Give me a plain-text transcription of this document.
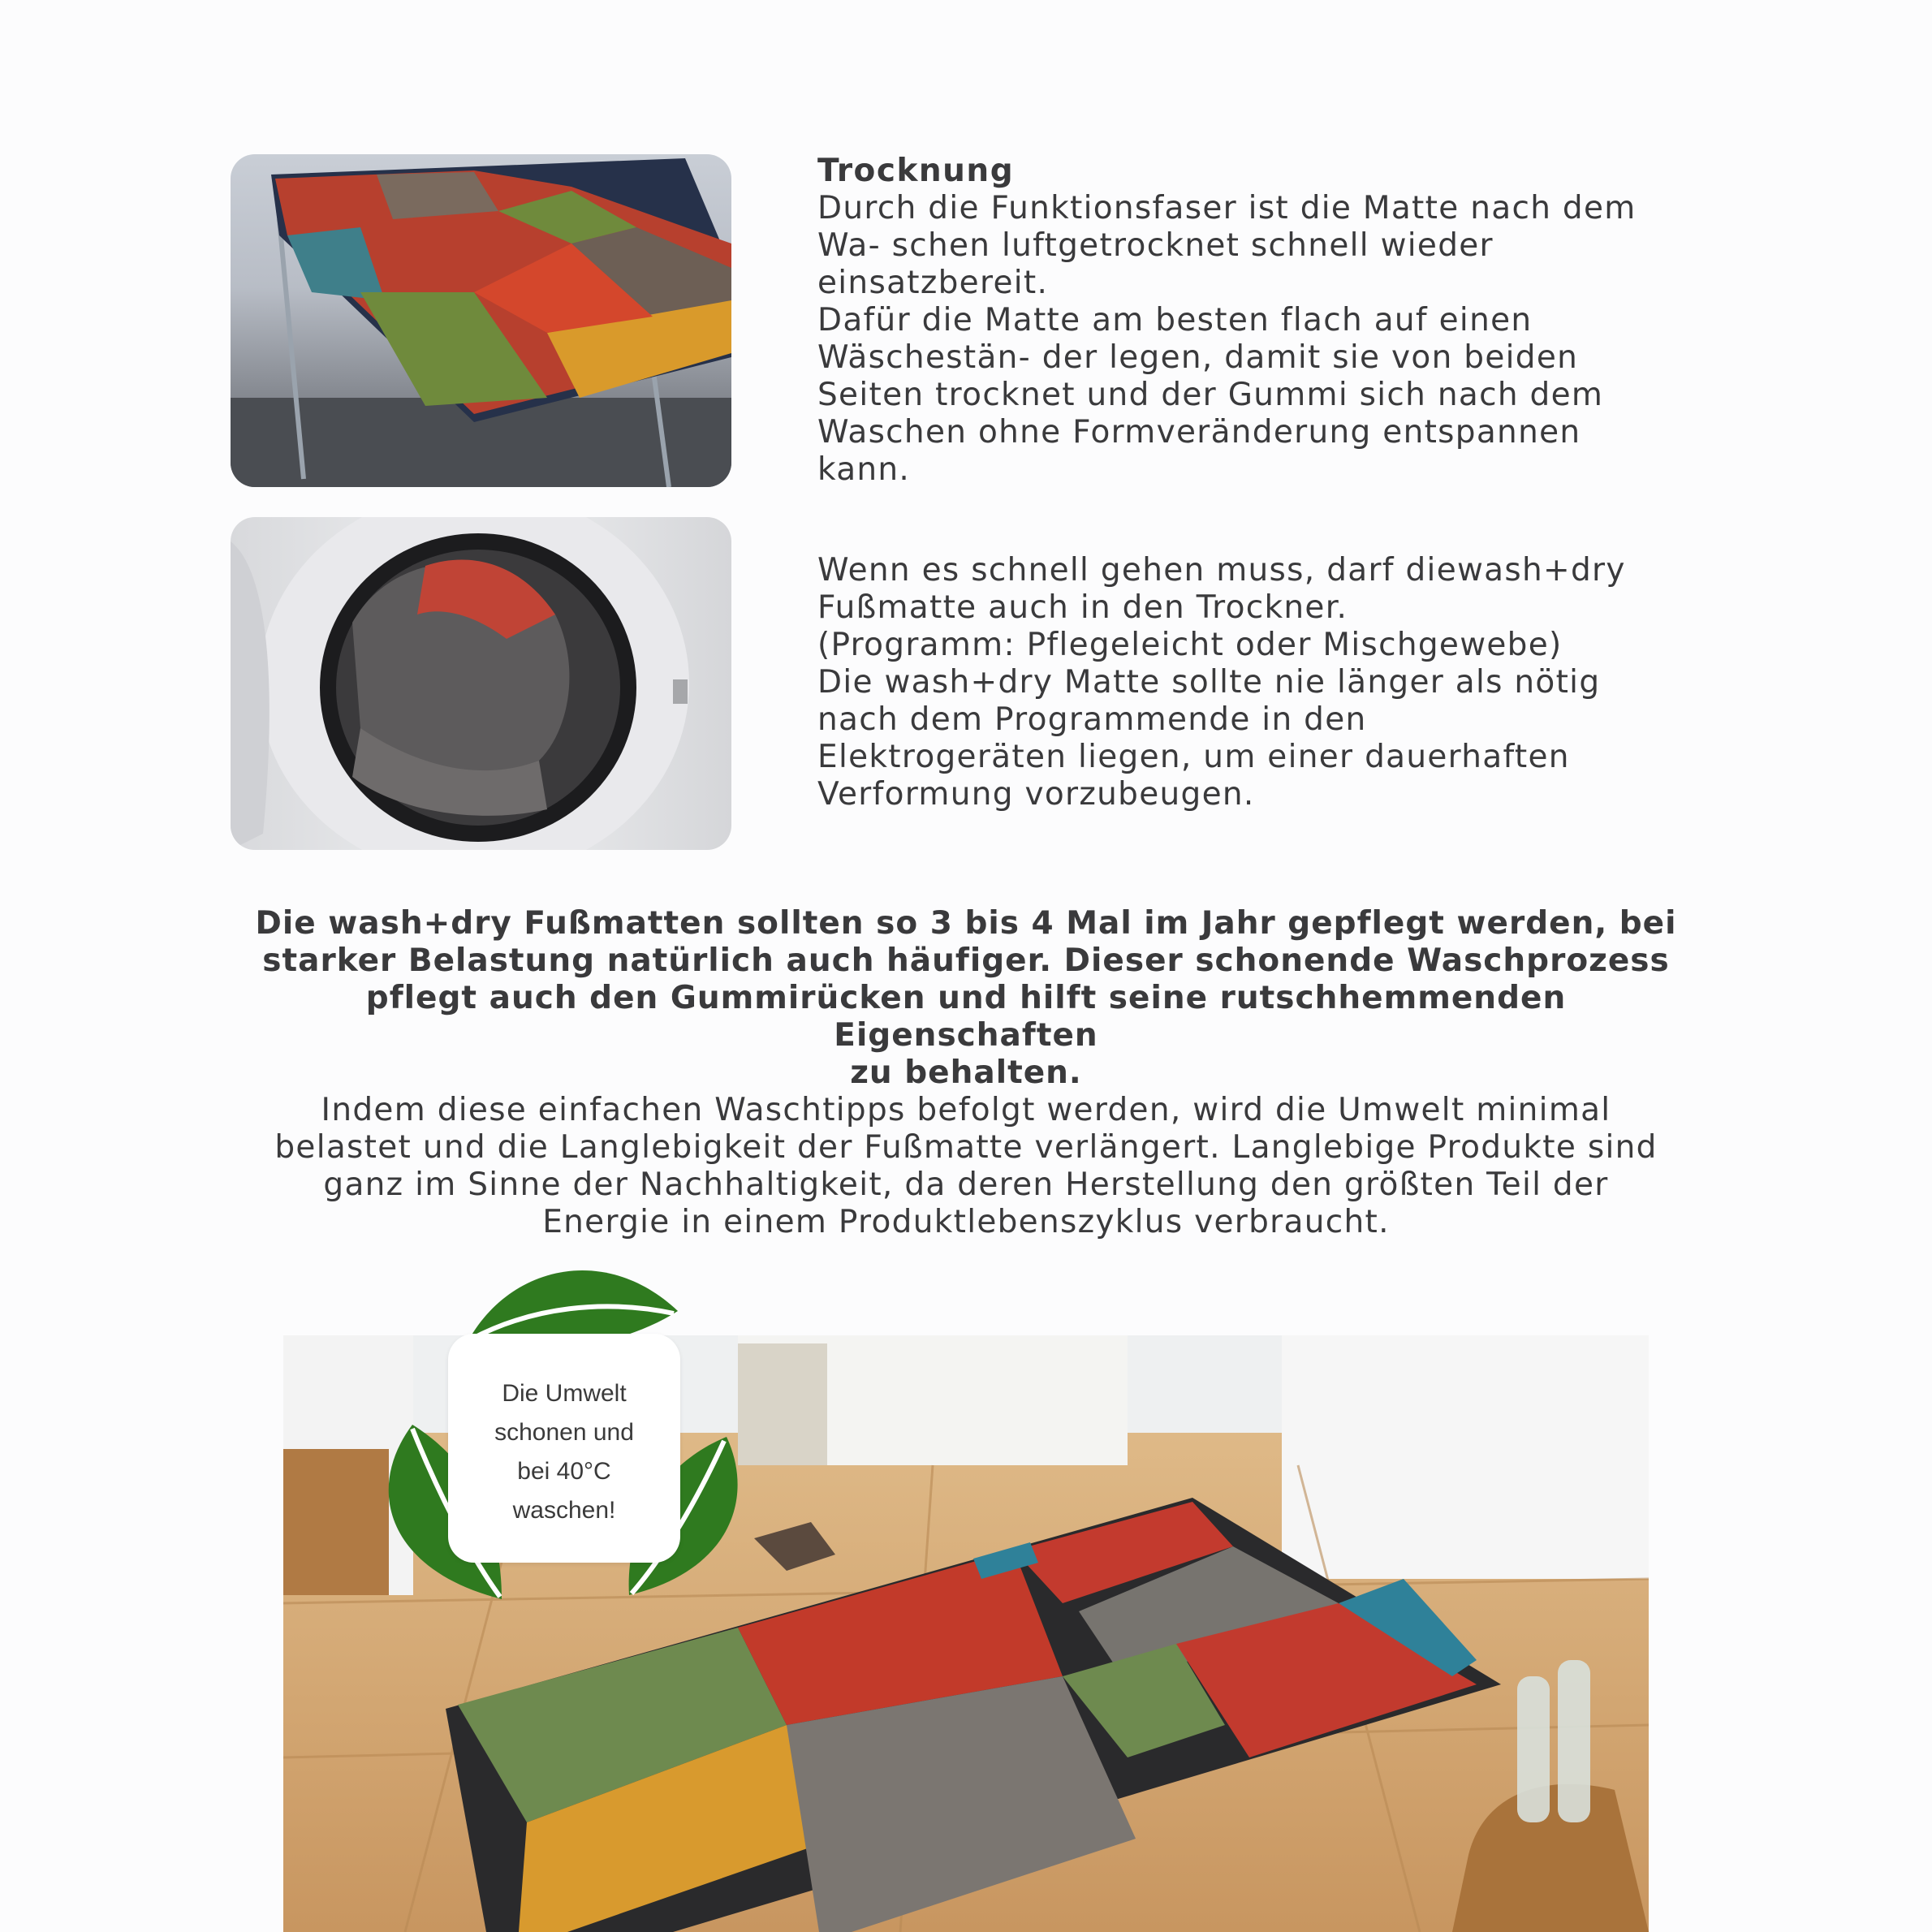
Trocknung

Durch die Funktionsfaser ist die Matte nach dem

Wa- schen luftgetrocknet schnell wieder

einsatzbereit.

Dafür die Matte am besten flach auf einen

Wäschestän- der legen, damit sie von beiden

Seiten trocknet und der Gummi sich nach dem

Waschen ohne Formveränderung entspannen

kann.

Wenn es schnell gehen muss, darf diewash+dry

Fußmatte auch in den Trockner.

(Programm: Pflegeleicht oder Mischgewebe)

Die wash+dry Matte sollte nie länger als nötig

nach dem Programmende in den

Elektrogeräten liegen, um einer dauerhaften

Verformung vorzubeugen.

Die wash+dry Fußmatten sollten so 3 bis 4 Mal im Jahr gepflegt werden, bei
starker Belastung natürlich auch häufiger. Dieser schonende Waschprozess
pflegt auch den Gummirücken und hilft seine rutschhemmenden Eigenschaften
zu behalten.
Indem diese einfachen Waschtipps befolgt werden, wird die Umwelt minimal
belastet und die Langlebigkeit der Fußmatte verlängert. Langlebige Produkte sind
ganz im Sinne der Nachhaltigkeit, da deren Herstellung den größten Teil der
Energie in einem Produktlebenszyklus verbraucht.
Die Umwelt
schonen und
bei 40°C
waschen!
